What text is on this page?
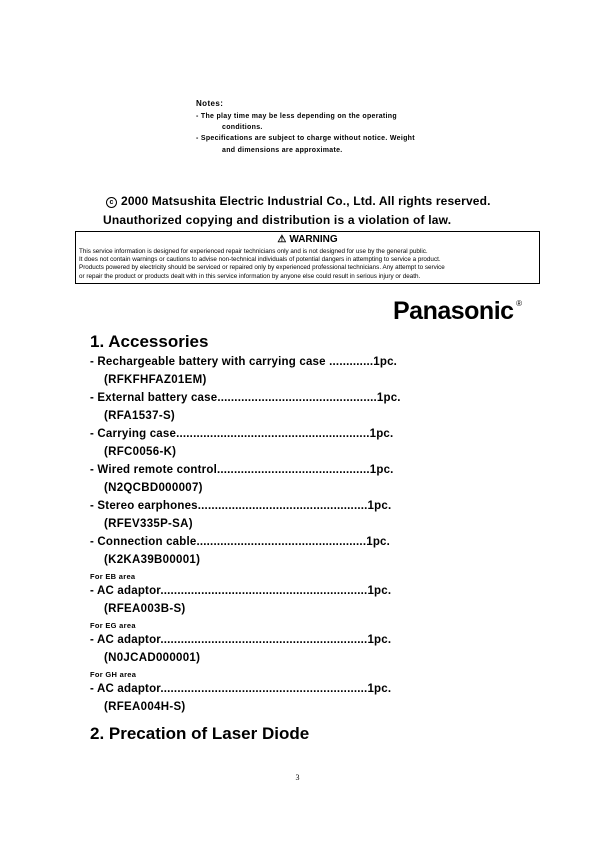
Notes:
- The play time may be less depending on the operating
conditions.
- Specifications are subject to charge without notice. Weight
and dimensions are approximate.
c 2000 Matsushita Electric Industrial Co., Ltd. All rights reserved.
Unauthorized copying and distribution is a violation of law.
⚠ WARNING
This service information is designed for experienced repair technicians only and is not designed for use by the general public.
It does not contain warnings or cautions to advise non-technical individuals of potential dangers in attempting to service a product.
Products powered by electricity should be serviced or repaired only by experienced professional technicians. Any attempt to service
or repair the product or products dealt with in this service information by anyone else could result in serious injury or death.
Panasonic ®
1. Accessories
- Rechargeable battery with carrying case .............1pc.
(RFKFHFAZ01EM)
- External battery case...............................................1pc.
(RFA1537-S)
- Carrying case.........................................................1pc.
(RFC0056-K)
- Wired remote control.............................................1pc.
(N2QCBD000007)
- Stereo earphones..................................................1pc.
(RFEV335P-SA)
- Connection cable..................................................1pc.
(K2KA39B00001)
For EB area
- AC adaptor.............................................................1pc.
(RFEA003B-S)
For EG area
- AC adaptor.............................................................1pc.
(N0JCAD000001)
For GH area
- AC adaptor.............................................................1pc.
(RFEA004H-S)
2. Precation of Laser Diode
3
